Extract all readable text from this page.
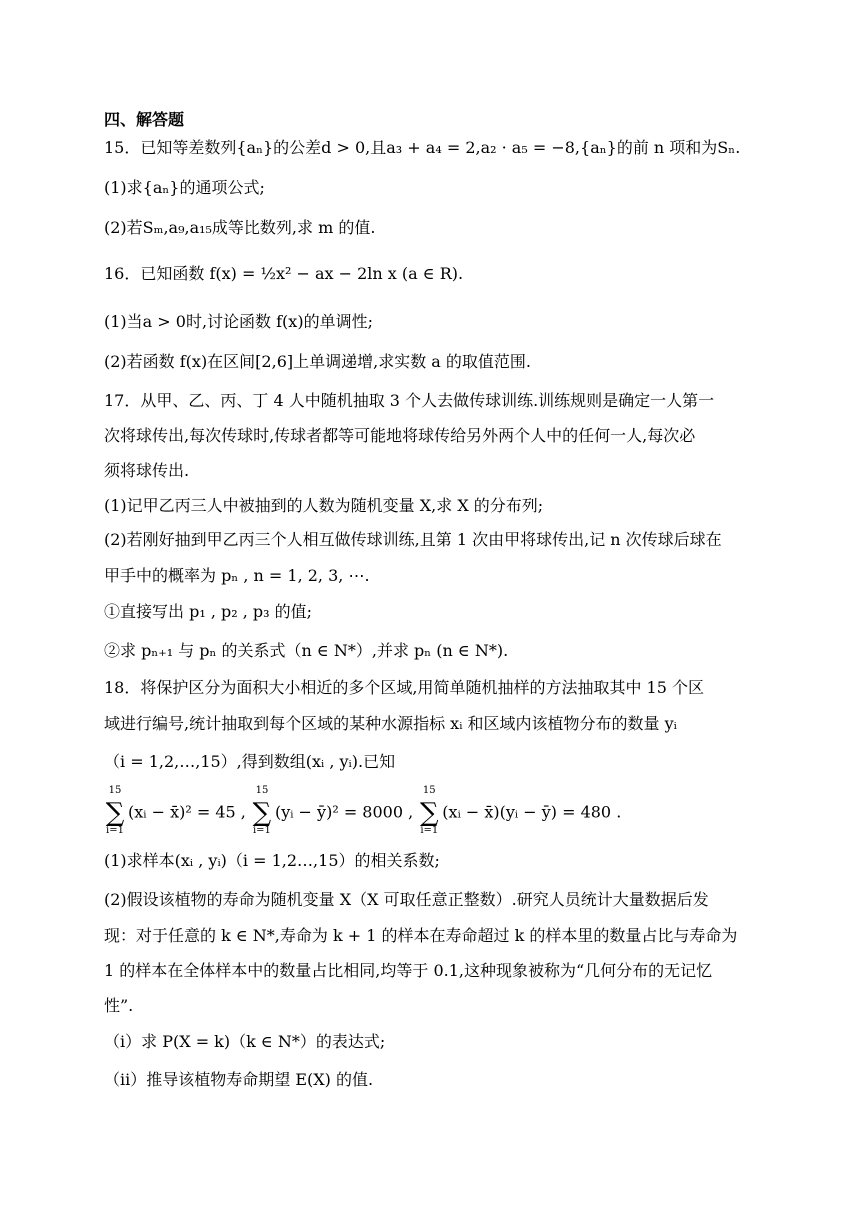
四、解答题
15．已知等差数列{aₙ}的公差d > 0,且a₃ + a₄ = 2,a₂ · a₅ = −8,{aₙ}的前 n 项和为Sₙ.
(1)求{aₙ}的通项公式;
(2)若Sₘ,a₉,a₁₅成等比数列,求 m 的值.
16．已知函数 f(x) = ½x² − ax − 2ln x (a ∈ R).
(1)当a > 0时,讨论函数 f(x)的单调性;
(2)若函数 f(x)在区间[2,6]上单调递增,求实数 a 的取值范围.
17．从甲、乙、丙、丁 4 人中随机抽取 3 个人去做传球训练.训练规则是确定一人第一
次将球传出,每次传球时,传球者都等可能地将球传给另外两个人中的任何一人,每次必
须将球传出.
(1)记甲乙丙三人中被抽到的人数为随机变量 X,求 X 的分布列;
(2)若刚好抽到甲乙丙三个人相互做传球训练,且第 1 次由甲将球传出,记 n 次传球后球在
甲手中的概率为 pₙ , n = 1, 2, 3, ⋯.
①直接写出 p₁ , p₂ , p₃ 的值;
②求 pₙ₊₁ 与 pₙ 的关系式（n ∈ N*）,并求 pₙ (n ∈ N*).
18．将保护区分为面积大小相近的多个区域,用简单随机抽样的方法抽取其中 15 个区
域进行编号,统计抽取到每个区域的某种水源指标 xᵢ 和区域内该植物分布的数量 yᵢ
（i = 1,2,…,15）,得到数组(xᵢ , yᵢ).已知
15
∑
i=1
(xᵢ − x̄)² = 45 ,
15
∑
i=1
(yᵢ − ȳ)² = 8000 ,
15
∑
i=1
(xᵢ − x̄)(yᵢ − ȳ) = 480 .
(1)求样本(xᵢ , yᵢ)（i = 1,2…,15）的相关系数;
(2)假设该植物的寿命为随机变量 X（X 可取任意正整数）.研究人员统计大量数据后发
现：对于任意的 k ∈ N*,寿命为 k + 1 的样本在寿命超过 k 的样本里的数量占比与寿命为
1 的样本在全体样本中的数量占比相同,均等于 0.1,这种现象被称为“几何分布的无记忆
性”.
（ⅰ）求 P(X = k)（k ∈ N*）的表达式;
（ⅱ）推导该植物寿命期望 E(X) 的值.
